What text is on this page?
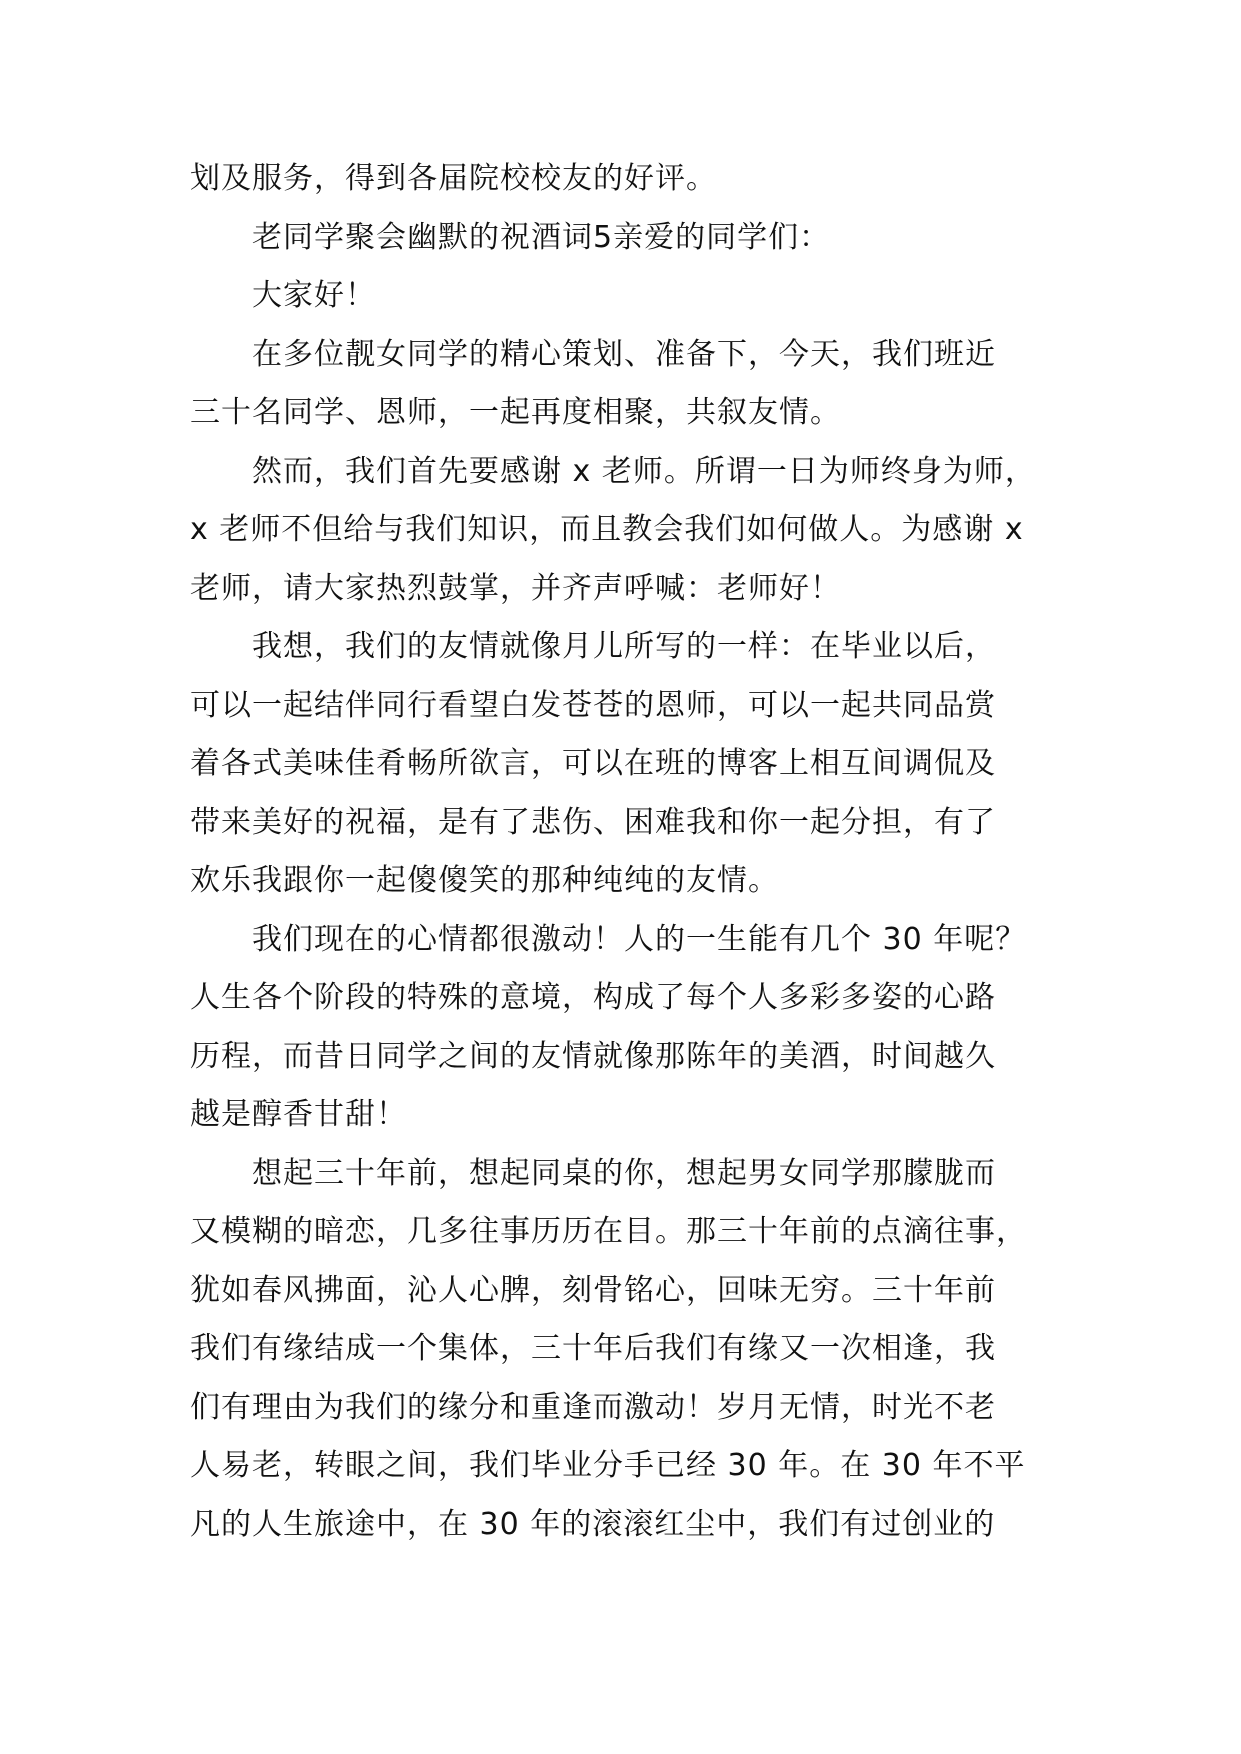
划及服务，得到各届院校校友的好评。
老同学聚会幽默的祝酒词5亲爱的同学们：
大家好！
在多位靓女同学的精心策划、准备下，今天，我们班近
三十名同学、恩师，一起再度相聚，共叙友情。
然而，我们首先要感谢 x 老师。所谓一日为师终身为师，
x 老师不但给与我们知识，而且教会我们如何做人。为感谢 x
老师，请大家热烈鼓掌，并齐声呼喊：老师好！
我想，我们的友情就像月儿所写的一样：在毕业以后，
可以一起结伴同行看望白发苍苍的恩师，可以一起共同品赏
着各式美味佳肴畅所欲言，可以在班的博客上相互间调侃及
带来美好的祝福，是有了悲伤、困难我和你一起分担，有了
欢乐我跟你一起傻傻笑的那种纯纯的友情。
我们现在的心情都很激动！人的一生能有几个 30 年呢？
人生各个阶段的特殊的意境，构成了每个人多彩多姿的心路
历程，而昔日同学之间的友情就像那陈年的美酒，时间越久
越是醇香甘甜！
想起三十年前，想起同桌的你，想起男女同学那朦胧而
又模糊的暗恋，几多往事历历在目。那三十年前的点滴往事，
犹如春风拂面，沁人心脾，刻骨铭心，回味无穷。三十年前
我们有缘结成一个集体，三十年后我们有缘又一次相逢，我
们有理由为我们的缘分和重逢而激动！岁月无情，时光不老
人易老，转眼之间，我们毕业分手已经 30 年。在 30 年不平
凡的人生旅途中，在 30 年的滚滚红尘中，我们有过创业的
